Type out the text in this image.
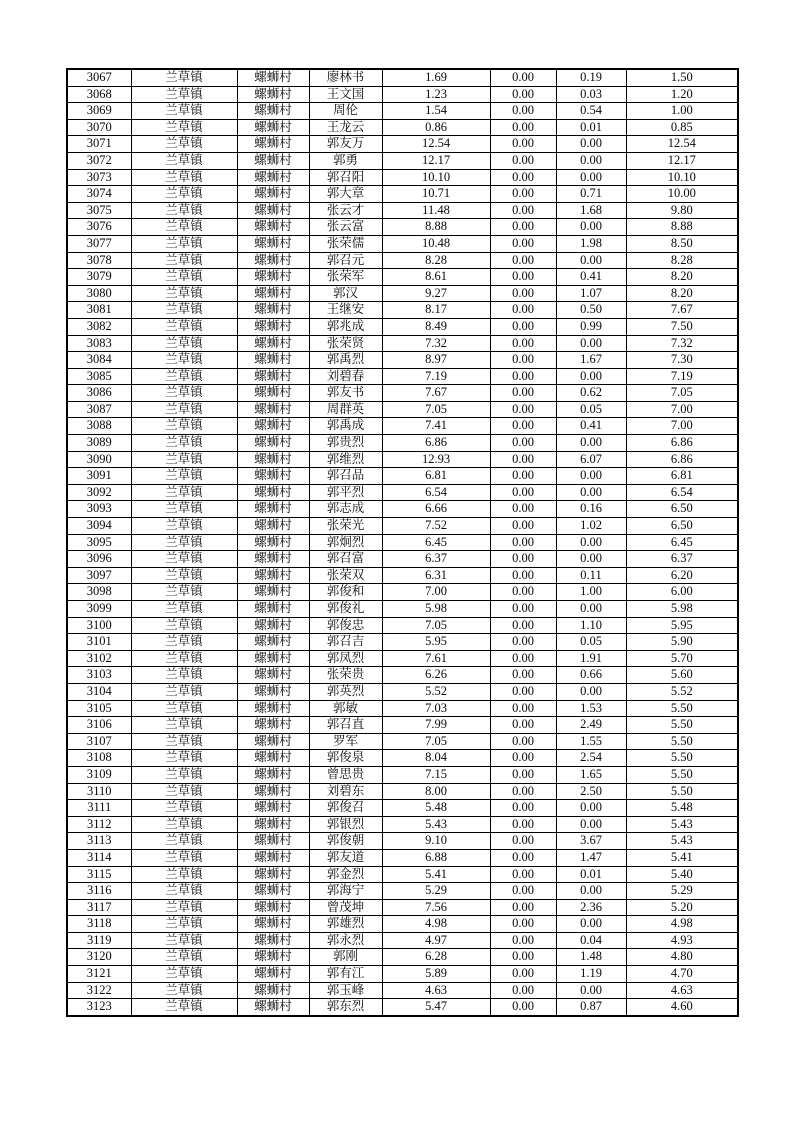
3067	兰草镇	螺蛳村	廖林书	1.69	0.00	0.19	1.50
3068	兰草镇	螺蛳村	王文国	1.23	0.00	0.03	1.20
3069	兰草镇	螺蛳村	周伦	1.54	0.00	0.54	1.00
3070	兰草镇	螺蛳村	王龙云	0.86	0.00	0.01	0.85
3071	兰草镇	螺蛳村	郭友万	12.54	0.00	0.00	12.54
3072	兰草镇	螺蛳村	郭勇	12.17	0.00	0.00	12.17
3073	兰草镇	螺蛳村	郭召阳	10.10	0.00	0.00	10.10
3074	兰草镇	螺蛳村	郭大章	10.71	0.00	0.71	10.00
3075	兰草镇	螺蛳村	张云才	11.48	0.00	1.68	9.80
3076	兰草镇	螺蛳村	张云富	8.88	0.00	0.00	8.88
3077	兰草镇	螺蛳村	张荣儒	10.48	0.00	1.98	8.50
3078	兰草镇	螺蛳村	郭召元	8.28	0.00	0.00	8.28
3079	兰草镇	螺蛳村	张荣军	8.61	0.00	0.41	8.20
3080	兰草镇	螺蛳村	郭汉	9.27	0.00	1.07	8.20
3081	兰草镇	螺蛳村	王继安	8.17	0.00	0.50	7.67
3082	兰草镇	螺蛳村	郭兆成	8.49	0.00	0.99	7.50
3083	兰草镇	螺蛳村	张荣贤	7.32	0.00	0.00	7.32
3084	兰草镇	螺蛳村	郭禹烈	8.97	0.00	1.67	7.30
3085	兰草镇	螺蛳村	刘碧春	7.19	0.00	0.00	7.19
3086	兰草镇	螺蛳村	郭友书	7.67	0.00	0.62	7.05
3087	兰草镇	螺蛳村	周群英	7.05	0.00	0.05	7.00
3088	兰草镇	螺蛳村	郭禹成	7.41	0.00	0.41	7.00
3089	兰草镇	螺蛳村	郭贵烈	6.86	0.00	0.00	6.86
3090	兰草镇	螺蛳村	郭维烈	12.93	0.00	6.07	6.86
3091	兰草镇	螺蛳村	郭召品	6.81	0.00	0.00	6.81
3092	兰草镇	螺蛳村	郭平烈	6.54	0.00	0.00	6.54
3093	兰草镇	螺蛳村	郭志成	6.66	0.00	0.16	6.50
3094	兰草镇	螺蛳村	张荣光	7.52	0.00	1.02	6.50
3095	兰草镇	螺蛳村	郭炯烈	6.45	0.00	0.00	6.45
3096	兰草镇	螺蛳村	郭召富	6.37	0.00	0.00	6.37
3097	兰草镇	螺蛳村	张荣双	6.31	0.00	0.11	6.20
3098	兰草镇	螺蛳村	郭俊和	7.00	0.00	1.00	6.00
3099	兰草镇	螺蛳村	郭俊礼	5.98	0.00	0.00	5.98
3100	兰草镇	螺蛳村	郭俊忠	7.05	0.00	1.10	5.95
3101	兰草镇	螺蛳村	郭召吉	5.95	0.00	0.05	5.90
3102	兰草镇	螺蛳村	郭凤烈	7.61	0.00	1.91	5.70
3103	兰草镇	螺蛳村	张荣贵	6.26	0.00	0.66	5.60
3104	兰草镇	螺蛳村	郭英烈	5.52	0.00	0.00	5.52
3105	兰草镇	螺蛳村	郭敏	7.03	0.00	1.53	5.50
3106	兰草镇	螺蛳村	郭召直	7.99	0.00	2.49	5.50
3107	兰草镇	螺蛳村	罗军	7.05	0.00	1.55	5.50
3108	兰草镇	螺蛳村	郭俊泉	8.04	0.00	2.54	5.50
3109	兰草镇	螺蛳村	曾思贵	7.15	0.00	1.65	5.50
3110	兰草镇	螺蛳村	刘碧东	8.00	0.00	2.50	5.50
3111	兰草镇	螺蛳村	郭俊召	5.48	0.00	0.00	5.48
3112	兰草镇	螺蛳村	郭银烈	5.43	0.00	0.00	5.43
3113	兰草镇	螺蛳村	郭俊朝	9.10	0.00	3.67	5.43
3114	兰草镇	螺蛳村	郭友道	6.88	0.00	1.47	5.41
3115	兰草镇	螺蛳村	郭金烈	5.41	0.00	0.01	5.40
3116	兰草镇	螺蛳村	郭海宁	5.29	0.00	0.00	5.29
3117	兰草镇	螺蛳村	曾茂坤	7.56	0.00	2.36	5.20
3118	兰草镇	螺蛳村	郭雄烈	4.98	0.00	0.00	4.98
3119	兰草镇	螺蛳村	郭永烈	4.97	0.00	0.04	4.93
3120	兰草镇	螺蛳村	郭刚	6.28	0.00	1.48	4.80
3121	兰草镇	螺蛳村	郭有江	5.89	0.00	1.19	4.70
3122	兰草镇	螺蛳村	郭玉峰	4.63	0.00	0.00	4.63
3123	兰草镇	螺蛳村	郭东烈	5.47	0.00	0.87	4.60
